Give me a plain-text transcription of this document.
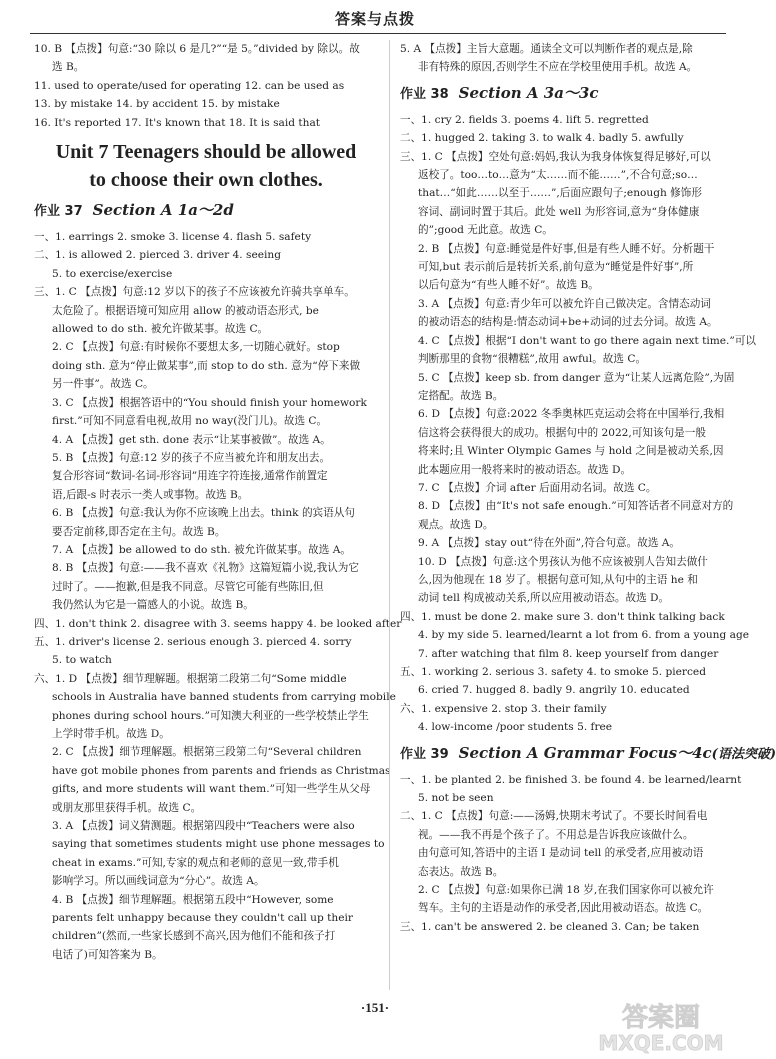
答案与点拨
10. B 【点拨】句意:“30 除以 6 是几?”“是 5。”divided by 除以。故
选 B。
11. used to operate/used for operating 12. can be used as
13. by mistake 14. by accident 15. by mistake
16. It's reported 17. It's known that 18. It is said that
Unit 7 Teenagers should be allowed
to choose their own clothes.
作业 37 Section A 1a～2d
一、1. earrings 2. smoke 3. license 4. flash 5. safety
二、1. is allowed 2. pierced 3. driver 4. seeing
5. to exercise/exercise
三、1. C 【点拨】句意:12 岁以下的孩子不应该被允许骑共享单车。
太危险了。根据语境可知应用 allow 的被动语态形式, be
allowed to do sth. 被允许做某事。故选 C。
2. C 【点拨】句意:有时候你不要想太多,一切随心就好。stop
doing sth. 意为“停止做某事”,而 stop to do sth. 意为“停下来做
另一件事”。故选 C。
3. C 【点拨】根据答语中的“You should finish your homework
first.”可知不同意看电视,故用 no way(没门儿)。故选 C。
4. A 【点拨】get sth. done 表示“让某事被做”。故选 A。
5. B 【点拨】句意:12 岁的孩子不应当被允许和朋友出去。
复合形容词“数词-名词-形容词”用连字符连接,通常作前置定
语,后跟-s 时表示一类人或事物。故选 B。
6. B 【点拨】句意:我认为你不应该晚上出去。think 的宾语从句
要否定前移,即否定在主句。故选 B。
7. A 【点拨】be allowed to do sth. 被允许做某事。故选 A。
8. B 【点拨】句意:——我不喜欢《礼物》这篇短篇小说,我认为它
过时了。——抱歉,但是我不同意。尽管它可能有些陈旧,但
我仍然认为它是一篇感人的小说。故选 B。
四、1. don't think 2. disagree with 3. seems happy 4. be looked after
五、1. driver's license 2. serious enough 3. pierced 4. sorry
5. to watch
六、1. D 【点拨】细节理解题。根据第二段第二句“Some middle
schools in Australia have banned students from carrying mobile
phones during school hours.”可知澳大利亚的一些学校禁止学生
上学时带手机。故选 D。
2. C 【点拨】细节理解题。根据第三段第二句“Several children
have got mobile phones from parents and friends as Christmas
gifts, and more students will want them.”可知一些学生从父母
或朋友那里获得手机。故选 C。
3. A 【点拨】词义猜测题。根据第四段中“Teachers were also
saying that sometimes students might use phone messages to
cheat in exams.”可知,专家的观点和老师的意见一致,带手机
影响学习。所以画线词意为“分心”。故选 A。
4. B 【点拨】细节理解题。根据第五段中“However, some
parents felt unhappy because they couldn't call up their
children”(然而,一些家长感到不高兴,因为他们不能和孩子打
电话了)可知答案为 B。
5. A 【点拨】主旨大意题。通读全文可以判断作者的观点是,除
非有特殊的原因,否则学生不应在学校里使用手机。故选 A。
作业 38 Section A 3a～3c
一、1. cry 2. fields 3. poems 4. lift 5. regretted
二、1. hugged 2. taking 3. to walk 4. badly 5. awfully
三、1. C 【点拨】空处句意:妈妈,我认为我身体恢复得足够好,可以
返校了。too…to…意为“太……而不能……”,不合句意;so…
that…“如此……以至于……”,后面应跟句子;enough 修饰形
容词、副词时置于其后。此处 well 为形容词,意为“身体健康
的”;good 无此意。故选 C。
2. B 【点拨】句意:睡觉是件好事,但是有些人睡不好。分析题干
可知,but 表示前后是转折关系,前句意为“睡觉是件好事”,所
以后句意为“有些人睡不好”。故选 B。
3. A 【点拨】句意:青少年可以被允许自己做决定。含情态动词
的被动语态的结构是:情态动词+be+动词的过去分词。故选 A。
4. C 【点拨】根据“I don't want to go there again next time.”可以
判断那里的食物“很糟糕”,故用 awful。故选 C。
5. C 【点拨】keep sb. from danger 意为“让某人远离危险”,为固
定搭配。故选 B。
6. D 【点拨】句意:2022 冬季奥林匹克运动会将在中国举行,我相
信这将会获得很大的成功。根据句中的 2022,可知该句是一般
将来时;且 Winter Olympic Games 与 hold 之间是被动关系,因
此本题应用一般将来时的被动语态。故选 D。
7. C 【点拨】介词 after 后面用动名词。故选 C。
8. D 【点拨】由“It's not safe enough.”可知答话者不同意对方的
观点。故选 D。
9. A 【点拨】stay out“待在外面”,符合句意。故选 A。
10. D 【点拨】句意:这个男孩认为他不应该被别人告知去做什
么,因为他现在 18 岁了。根据句意可知,从句中的主语 he 和
动词 tell 构成被动关系,所以应用被动语态。故选 D。
四、1. must be done 2. make sure 3. don't think talking back
4. by my side 5. learned/learnt a lot from 6. from a young age
7. after watching that film 8. keep yourself from danger
五、1. working 2. serious 3. safety 4. to smoke 5. pierced
6. cried 7. hugged 8. badly 9. angrily 10. educated
六、1. expensive 2. stop 3. their family
4. low-income /poor students 5. free
作业 39 Section A Grammar Focus～4c(语法突破)
一、1. be planted 2. be finished 3. be found 4. be learned/learnt
5. not be seen
二、1. C 【点拨】句意:——汤姆,快期末考试了。不要长时间看电
视。——我不再是个孩子了。不用总是告诉我应该做什么。
由句意可知,答语中的主语 I 是动词 tell 的承受者,应用被动语
态表达。故选 B。
2. C 【点拨】句意:如果你已满 18 岁,在我们国家你可以被允许
驾车。主句的主语是动作的承受者,因此用被动语态。故选 C。
三、1. can't be answered 2. be cleaned 3. Can; be taken
·151·	答案圈
MXQE.COM
